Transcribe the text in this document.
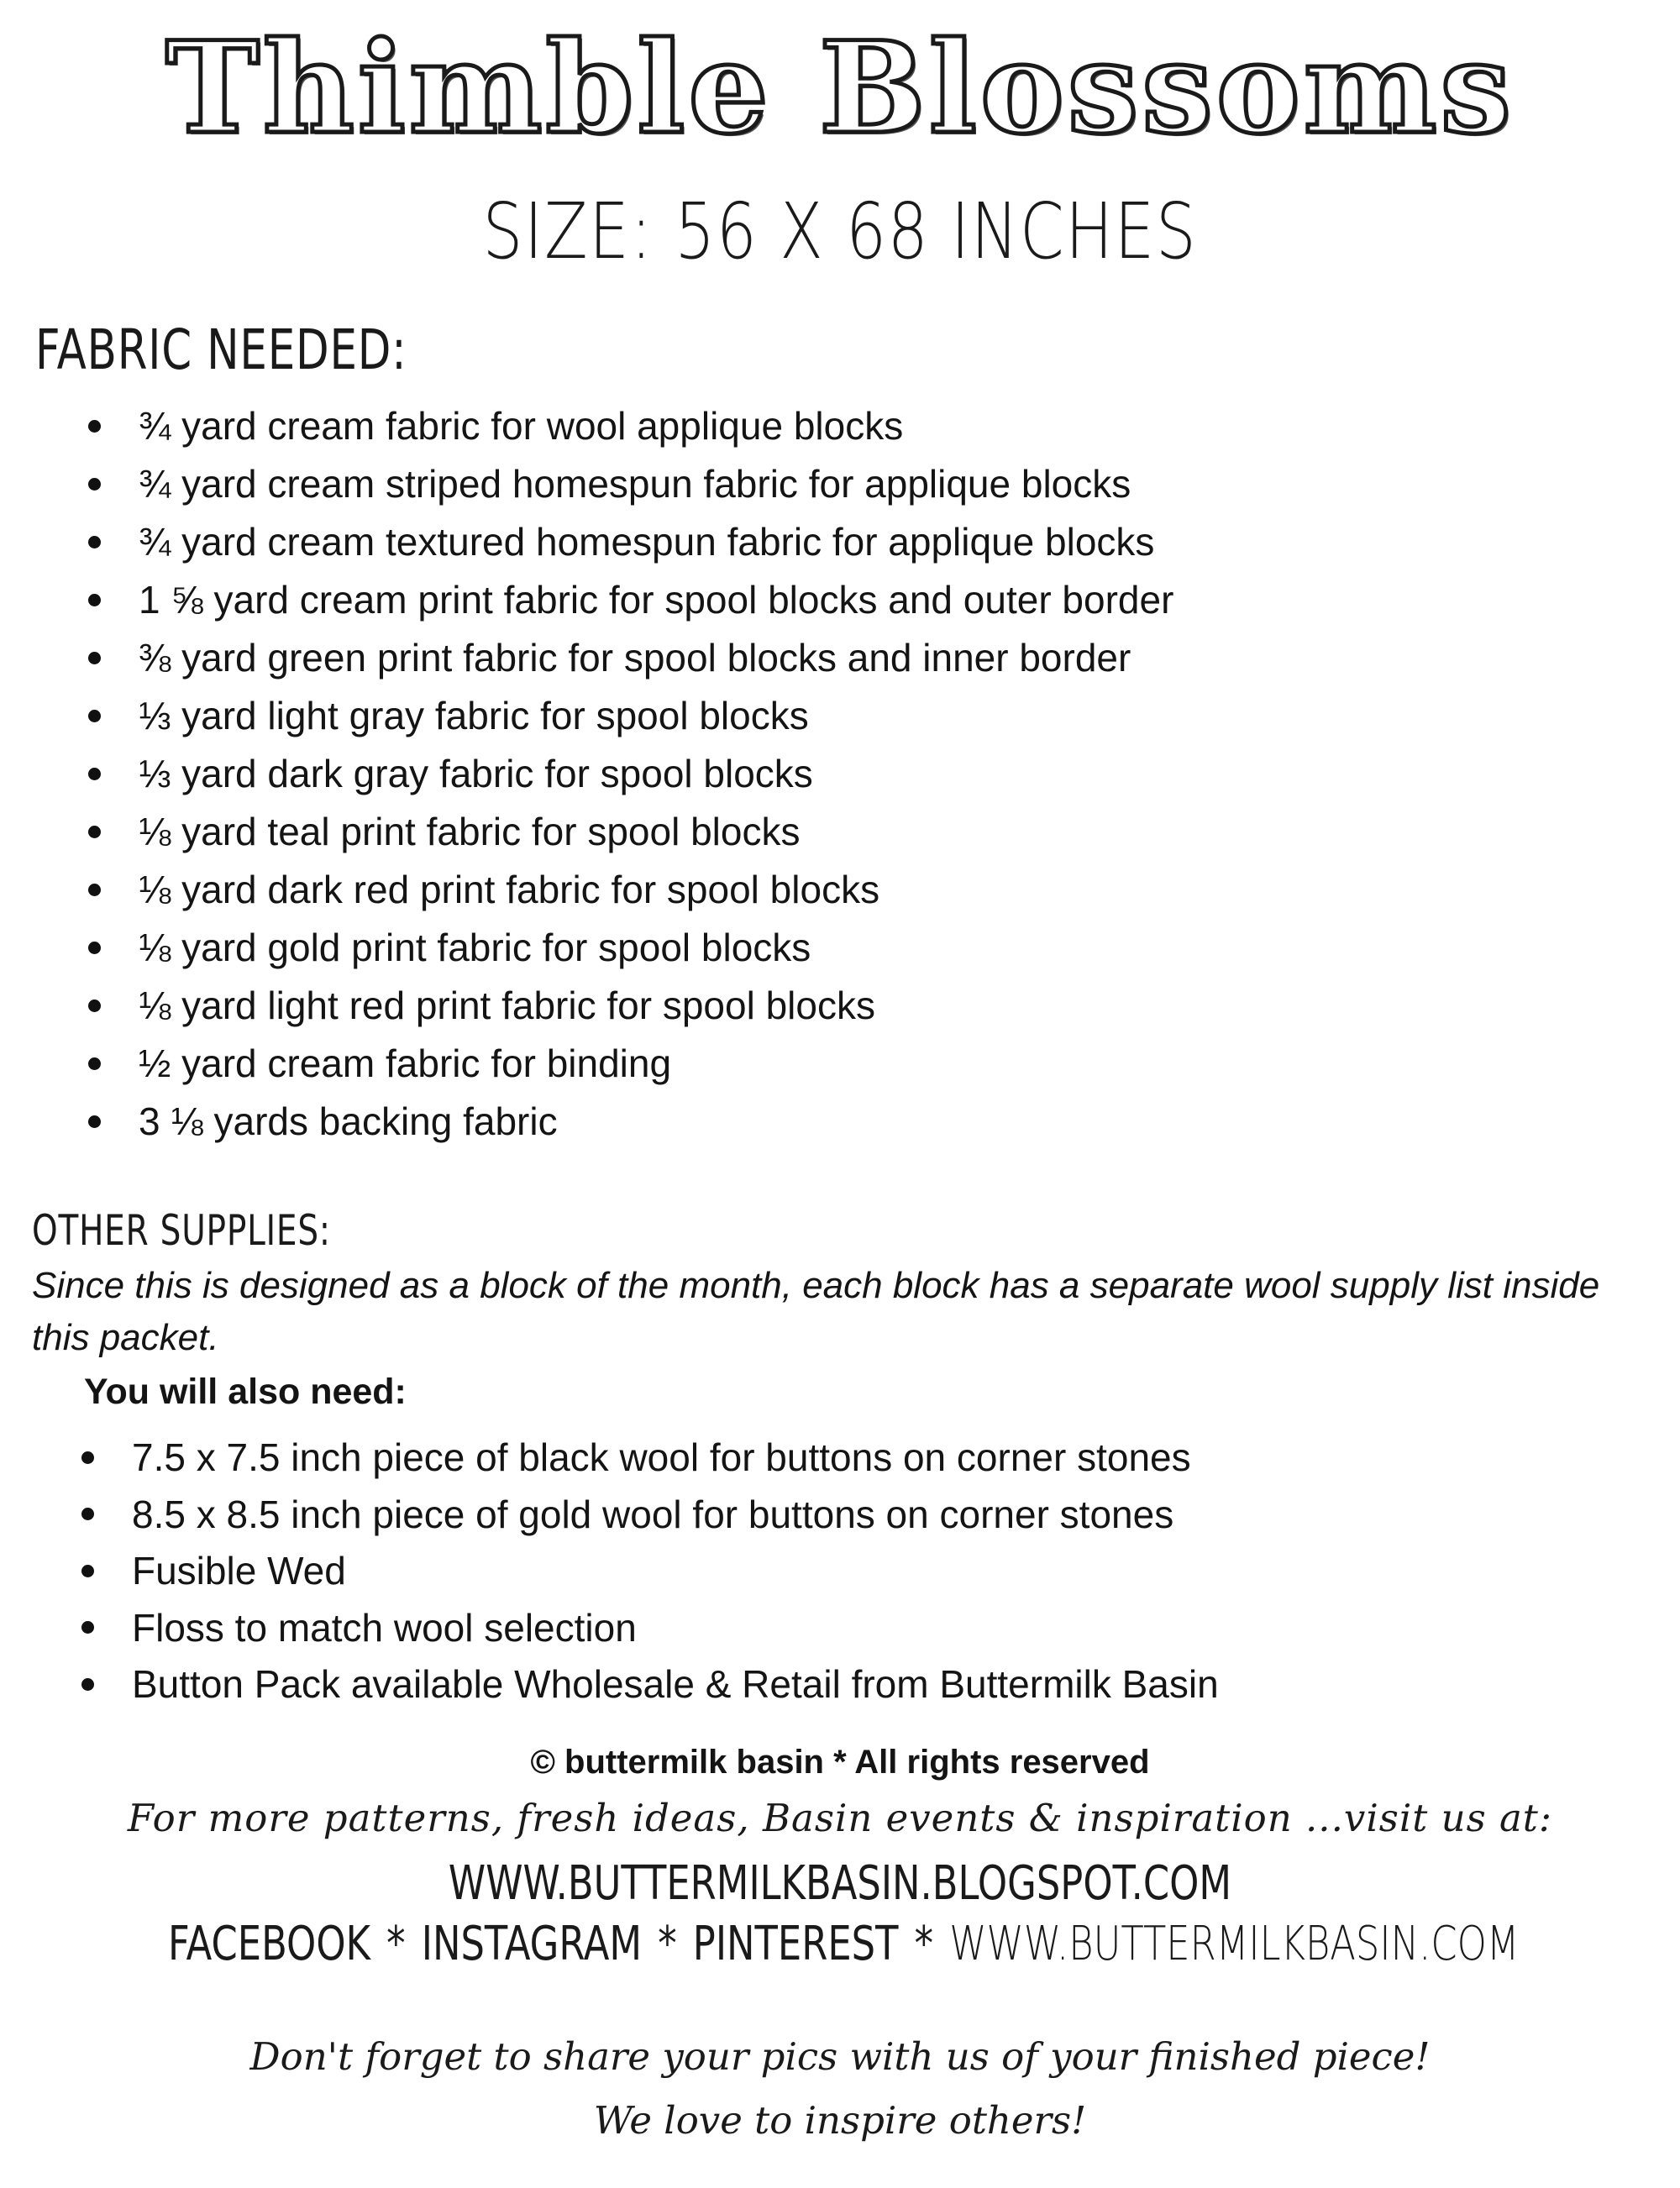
Thimble Blossoms
SIZE: 56 X 68 INCHES
FABRIC NEEDED:
¾ yard cream fabric for wool applique blocks
¾ yard cream striped homespun fabric for applique blocks
¾ yard cream textured homespun fabric for applique blocks
1 ⅝ yard cream print fabric for spool blocks and outer border
⅜ yard green print fabric for spool blocks and inner border
⅓ yard light gray fabric for spool blocks
⅓ yard dark gray fabric for spool blocks
⅛ yard teal print fabric for spool blocks
⅛ yard dark red print fabric for spool blocks
⅛ yard gold print fabric for spool blocks
⅛ yard light red print fabric for spool blocks
½ yard cream fabric for binding
3 ⅛ yards backing fabric
OTHER SUPPLIES:
Since this is designed as a block of the month, each block has a separate wool supply list inside this packet.
You will also need:
7.5 x 7.5 inch piece of black wool for buttons on corner stones
8.5 x 8.5 inch piece of gold wool for buttons on corner stones
Fusible Wed
Floss to match wool selection
Button Pack available Wholesale & Retail from Buttermilk Basin
© buttermilk basin * All rights reserved
For more patterns, fresh ideas, Basin events & inspiration ...visit us at:
WWW.BUTTERMILKBASIN.BLOGSPOT.COM
FACEBOOK * INSTAGRAM * PINTEREST * WWW.BUTTERMILKBASIN.COM
Don't forget to share your pics with us of your finished piece!
We love to inspire others!
